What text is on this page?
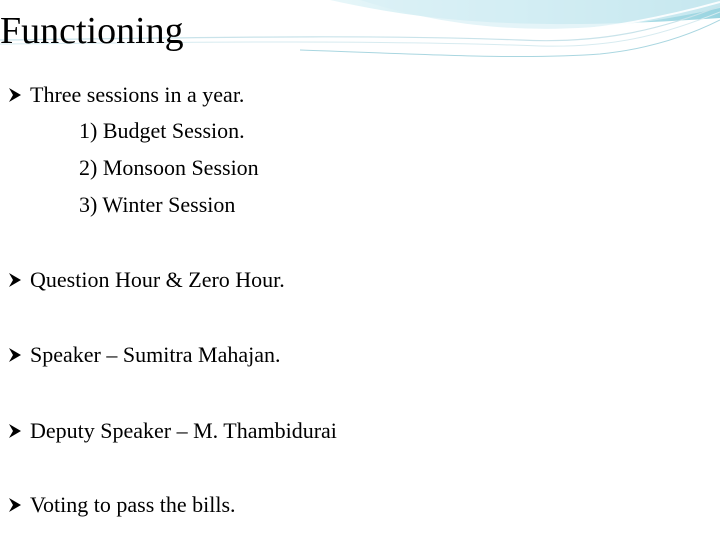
Functioning
Three sessions in a year.
1) Budget Session.
2) Monsoon Session
3) Winter Session
Question Hour & Zero Hour.
Speaker – Sumitra Mahajan.
Deputy Speaker – M. Thambidurai
Voting to pass the bills.
